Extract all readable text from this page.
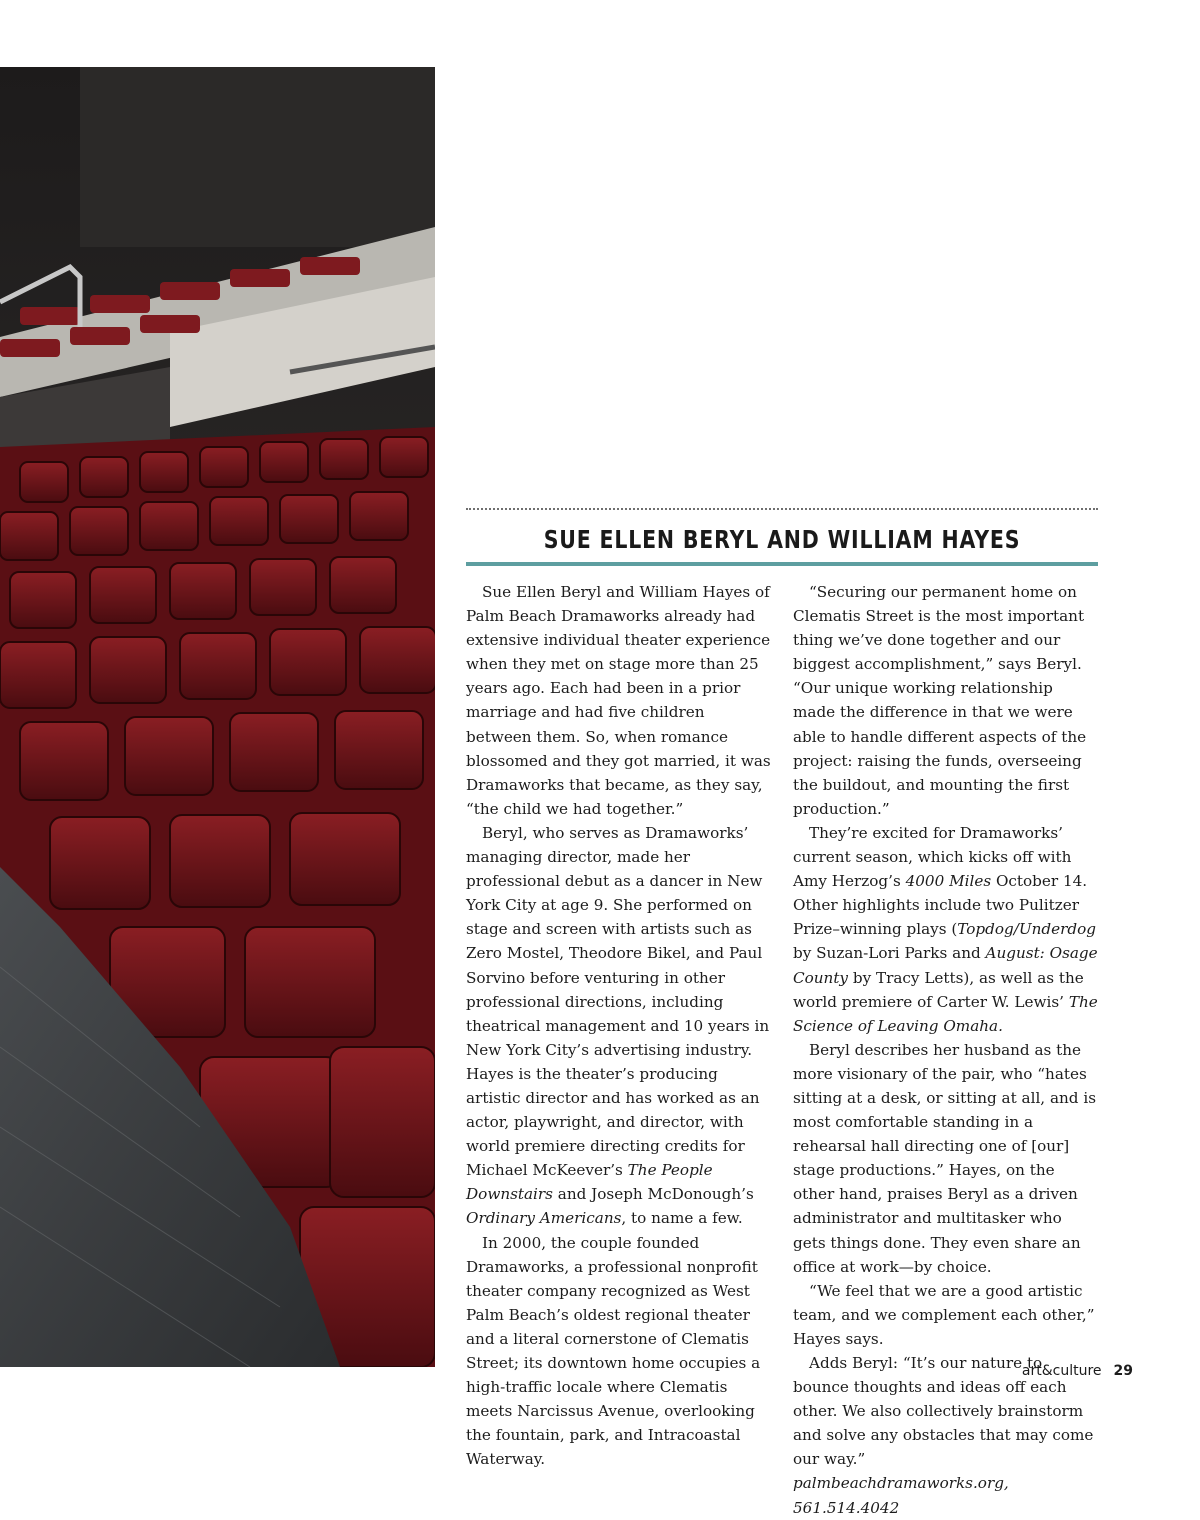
SUE ELLEN BERYL AND WILLIAM HAYES

Sue Ellen Beryl and William Hayes of Palm Beach Dramaworks already had extensive individual theater experience when they met on stage more than 25 years ago. Each had been in a prior marriage and had five children between them. So, when romance blossomed and they got married, it was Dramaworks that became, as they say, “the child we had together.”

Beryl, who serves as Dramaworks’ managing director, made her professional debut as a dancer in New York City at age 9. She performed on stage and screen with artists such as Zero Mostel, Theodore Bikel, and Paul Sorvino before venturing in other professional directions, including theatrical management and 10 years in New York City’s advertising industry. Hayes is the theater’s producing artistic director and has worked as an actor, playwright, and director, with world premiere directing credits for Michael McKeever’s The People Downstairs and Joseph McDonough’s Ordinary Americans, to name a few.

In 2000, the couple founded Dramaworks, a professional nonprofit theater company recognized as West Palm Beach’s oldest regional theater and a literal cornerstone of Clematis Street; its downtown home occupies a high-traffic locale where Clematis meets Narcissus Avenue, overlooking the fountain, park, and Intracoastal Waterway.

“Securing our permanent home on Clematis Street is the most important thing we’ve done together and our biggest accomplishment,” says Beryl. “Our unique working relationship made the difference in that we were able to handle different aspects of the project: raising the funds, overseeing the buildout, and mounting the first production.”

They’re excited for Dramaworks’ current season, which kicks off with Amy Herzog’s 4000 Miles October 14. Other highlights include two Pulitzer Prize–winning plays (Topdog/Underdog by Suzan-Lori Parks and August: Osage County by Tracy Letts), as well as the world premiere of Carter W. Lewis’ The Science of Leaving Omaha.

Beryl describes her husband as the more visionary of the pair, who “hates sitting at a desk, or sitting at all, and is most comfortable standing in a rehearsal hall directing one of [our] stage productions.” Hayes, on the other hand, praises Beryl as a driven administrator and multitasker who gets things done. They even share an office at work—by choice.

“We feel that we are a good artistic team, and we complement each other,” Hayes says.

Adds Beryl: “It’s our nature to bounce thoughts and ideas off each other. We also collectively brainstorm and solve any obstacles that may come our way.”

palmbeachdramaworks.org, 561.514.4042

art&culture 29
